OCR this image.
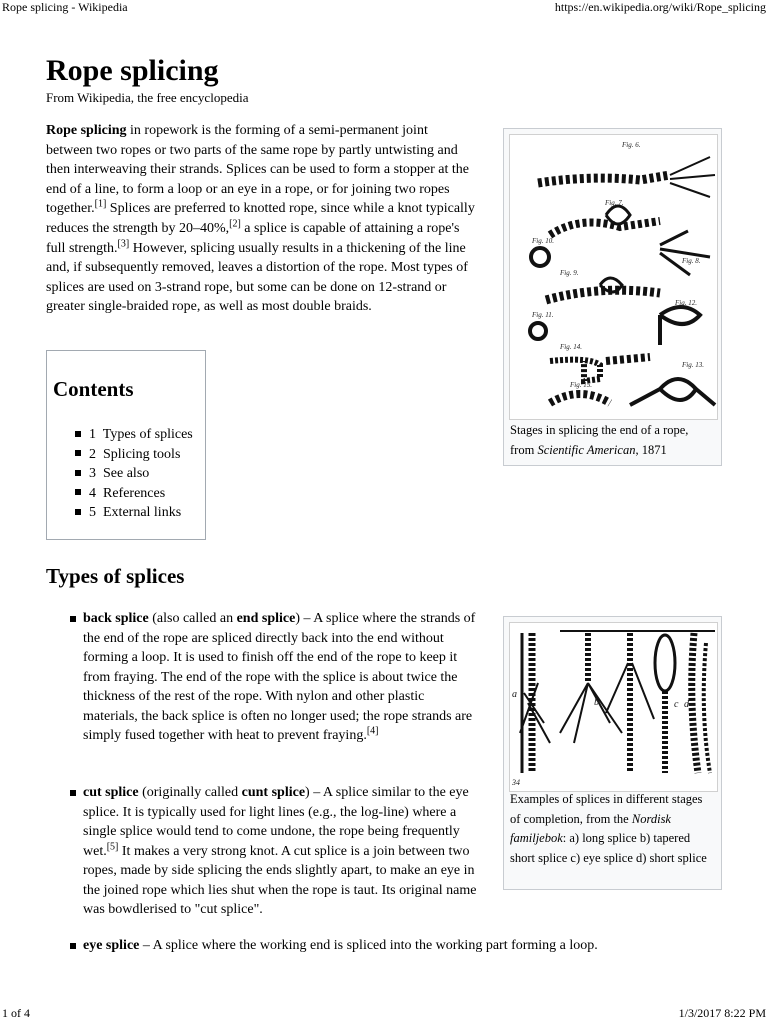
Rope splicing - Wikipedia	https://en.wikipedia.org/wiki/Rope_splicing
Rope splicing
From Wikipedia, the free encyclopedia

Rope splicing in ropework is the forming of a semi-permanent joint between two ropes or two parts of the same rope by partly untwisting and then interweaving their strands. Splices can be used to form a stopper at the end of a line, to form a loop or an eye in a rope, or for joining two ropes together.[1] Splices are preferred to knotted rope, since while a knot typically reduces the strength by 20–40%,[2] a splice is capable of attaining a rope's full strength.[3] However, splicing usually results in a thickening of the line and, if subsequently removed, leaves a distortion of the rope. Most types of splices are used on 3-strand rope, but some can be done on 12-strand or greater single-braided rope, as well as most double braids.

Contents
1 Types of splices
2 Splicing tools
3 See also
4 References
5 External links
Fig. 6.
Fig. 7.
Fig. 10.
Fig. 8.
Fig. 9.
Fig. 12.
Fig. 11.
Fig. 14.
Fig. 13.
Fig. 15.
Stages in splicing the end of a rope, from Scientific American, 1871
Types of splices
a
b	c d
34
Examples of splices in different stages of completion, from the Nordisk familjebok: a) long splice b) tapered short splice c) eye splice d) short splice
back splice (also called an end splice) – A splice where the strands of the end of the rope are spliced directly back into the end without forming a loop. It is used to finish off the end of the rope to keep it from fraying. The end of the rope with the splice is about twice the thickness of the rest of the rope. With nylon and other plastic materials, the back splice is often no longer used; the rope strands are simply fused together with heat to prevent fraying.[4]
cut splice (originally called cunt splice) – A splice similar to the eye splice. It is typically used for light lines (e.g., the log-line) where a single splice would tend to come undone, the rope being frequently wet.[5] It makes a very strong knot. A cut splice is a join between two ropes, made by side splicing the ends slightly apart, to make an eye in the joined rope which lies shut when the rope is taut. Its original name was bowdlerised to "cut splice".
eye splice – A splice where the working end is spliced into the working part forming a loop.
1 of 4	1/3/2017 8:22 PM
